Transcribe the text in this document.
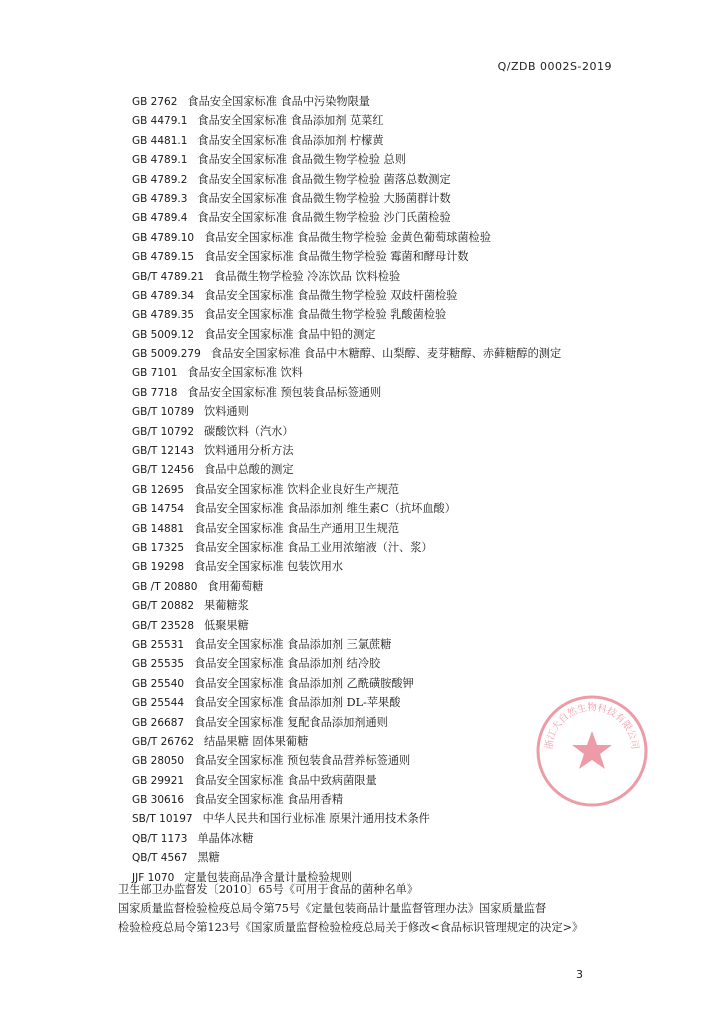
Q/ZDB 0002S-2019
GB 2762 食品安全国家标准 食品中污染物限量
GB 4479.1 食品安全国家标准 食品添加剂 苋菜红
GB 4481.1 食品安全国家标准 食品添加剂 柠檬黄
GB 4789.1 食品安全国家标准 食品微生物学检验 总则
GB 4789.2 食品安全国家标准 食品微生物学检验 菌落总数测定
GB 4789.3 食品安全国家标准 食品微生物学检验 大肠菌群计数
GB 4789.4 食品安全国家标准 食品微生物学检验 沙门氏菌检验
GB 4789.10 食品安全国家标准 食品微生物学检验 金黄色葡萄球菌检验
GB 4789.15 食品安全国家标准 食品微生物学检验 霉菌和酵母计数
GB/T 4789.21 食品微生物学检验 冷冻饮品 饮料检验
GB 4789.34 食品安全国家标准 食品微生物学检验 双歧杆菌检验
GB 4789.35 食品安全国家标准 食品微生物学检验 乳酸菌检验
GB 5009.12 食品安全国家标准 食品中铅的测定
GB 5009.279 食品安全国家标准 食品中木糖醇、山梨醇、麦芽糖醇、赤藓糖醇的测定
GB 7101 食品安全国家标准 饮料
GB 7718 食品安全国家标准 预包装食品标签通则
GB/T 10789 饮料通则
GB/T 10792 碳酸饮料（汽水）
GB/T 12143 饮料通用分析方法
GB/T 12456 食品中总酸的测定
GB 12695 食品安全国家标准 饮料企业良好生产规范
GB 14754 食品安全国家标准 食品添加剂 维生素C（抗坏血酸）
GB 14881 食品安全国家标准 食品生产通用卫生规范
GB 17325 食品安全国家标准 食品工业用浓缩液（汁、浆）
GB 19298 食品安全国家标准 包装饮用水
GB /T 20880 食用葡萄糖
GB/T 20882 果葡糖浆
GB/T 23528 低聚果糖
GB 25531 食品安全国家标准 食品添加剂 三氯蔗糖
GB 25535 食品安全国家标准 食品添加剂 结冷胶
GB 25540 食品安全国家标准 食品添加剂 乙酰磺胺酸钾
GB 25544 食品安全国家标准 食品添加剂 DL-苹果酸
GB 26687 食品安全国家标准 复配食品添加剂通则
GB/T 26762 结晶果糖 固体果葡糖
GB 28050 食品安全国家标准 预包装食品营养标签通则
GB 29921 食品安全国家标准 食品中致病菌限量
GB 30616 食品安全国家标准 食品用香精
SB/T 10197 中华人民共和国行业标准 原果汁通用技术条件
QB/T 1173 单晶体冰糖
QB/T 4567 黑糖
JJF 1070 定量包装商品净含量计量检验规则
卫生部卫办监督发〔2010〕65号《可用于食品的菌种名单》
国家质量监督检验检疫总局令第75号《定量包装商品计量监督管理办法》国家质量监督
检验检疫总局令第123号《国家质量监督检验检疫总局关于修改<食品标识管理规定的决定>》
浙江大自然生物科技有限公司
3
